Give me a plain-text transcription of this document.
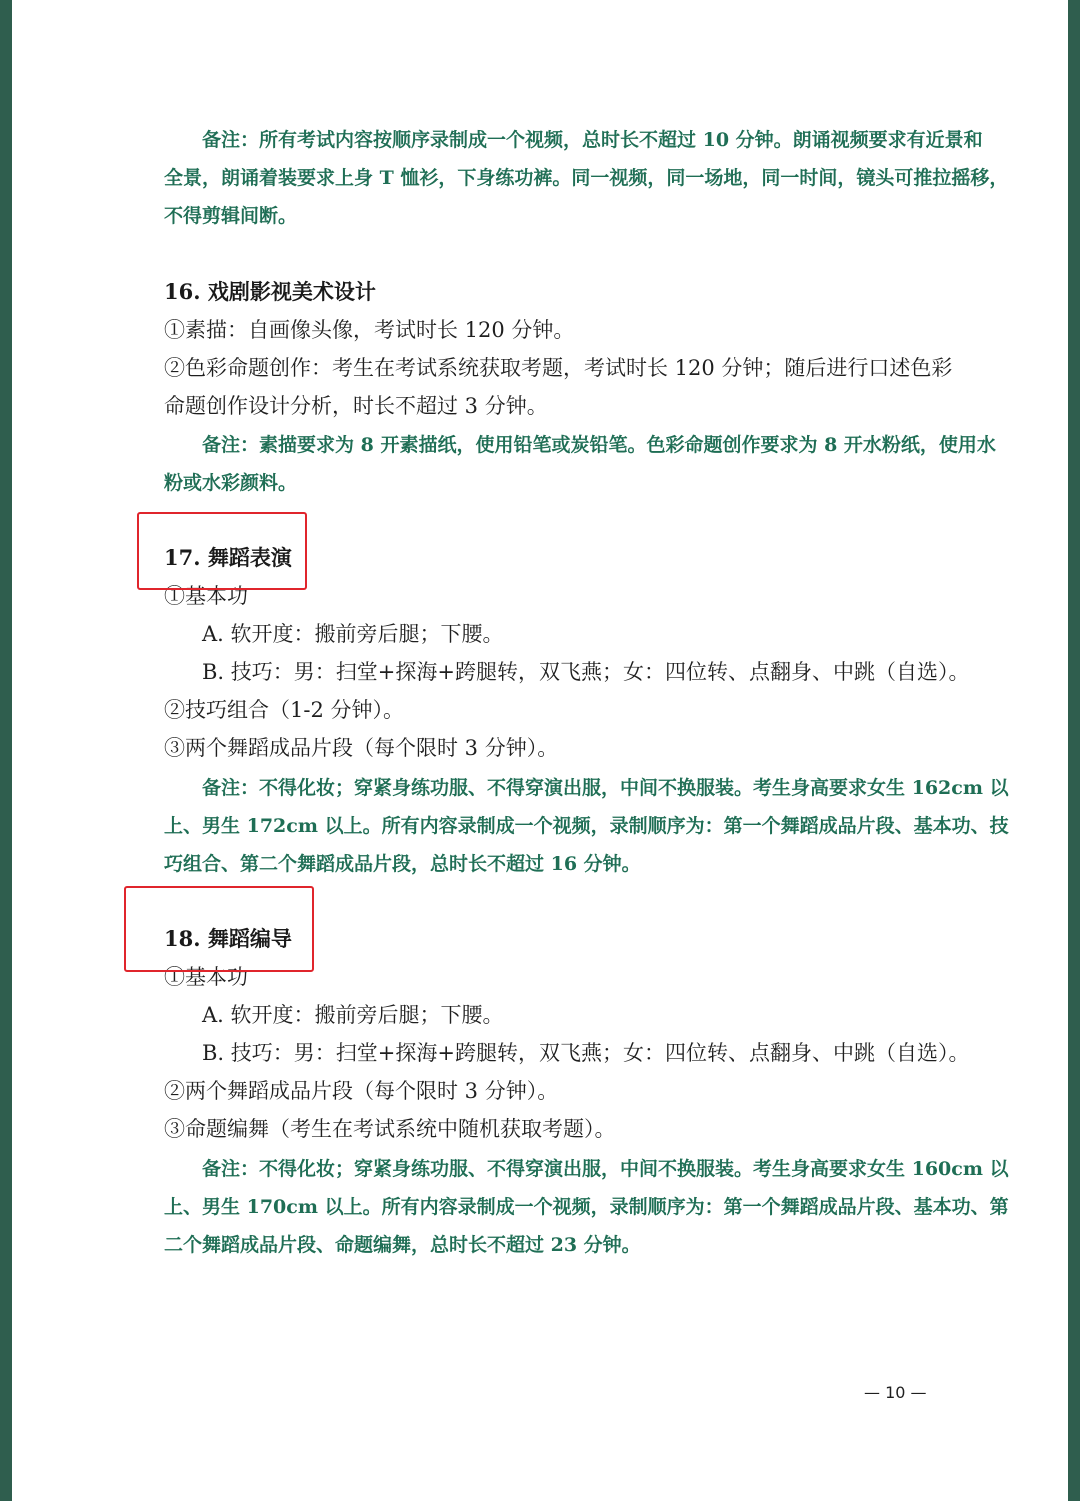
备注：所有考试内容按顺序录制成一个视频，总时长不超过 10 分钟。朗诵视频要求有近景和
全景，朗诵着装要求上身 T 恤衫，下身练功裤。同一视频，同一场地，同一时间，镜头可推拉摇移，
不得剪辑间断。
16. 戏剧影视美术设计
①素描：自画像头像，考试时长 120 分钟。
②色彩命题创作：考生在考试系统获取考题，考试时长 120 分钟；随后进行口述色彩
命题创作设计分析，时长不超过 3 分钟。
备注：素描要求为 8 开素描纸，使用铅笔或炭铅笔。色彩命题创作要求为 8 开水粉纸，使用水
粉或水彩颜料。
17. 舞蹈表演
①基本功
A. 软开度：搬前旁后腿；下腰。
B. 技巧：男：扫堂+探海+跨腿转，双飞燕；女：四位转、点翻身、中跳（自选）。
②技巧组合（1-2 分钟）。
③两个舞蹈成品片段（每个限时 3 分钟）。
备注：不得化妆；穿紧身练功服、不得穿演出服，中间不换服装。考生身高要求女生 162cm 以
上、男生 172cm 以上。所有内容录制成一个视频，录制顺序为：第一个舞蹈成品片段、基本功、技
巧组合、第二个舞蹈成品片段，总时长不超过 16 分钟。
18. 舞蹈编导
①基本功
A. 软开度：搬前旁后腿；下腰。
B. 技巧：男：扫堂+探海+跨腿转，双飞燕；女：四位转、点翻身、中跳（自选）。
②两个舞蹈成品片段（每个限时 3 分钟）。
③命题编舞（考生在考试系统中随机获取考题）。
备注：不得化妆；穿紧身练功服、不得穿演出服，中间不换服装。考生身高要求女生 160cm 以
上、男生 170cm 以上。所有内容录制成一个视频，录制顺序为：第一个舞蹈成品片段、基本功、第
二个舞蹈成品片段、命题编舞，总时长不超过 23 分钟。
— 10 —
